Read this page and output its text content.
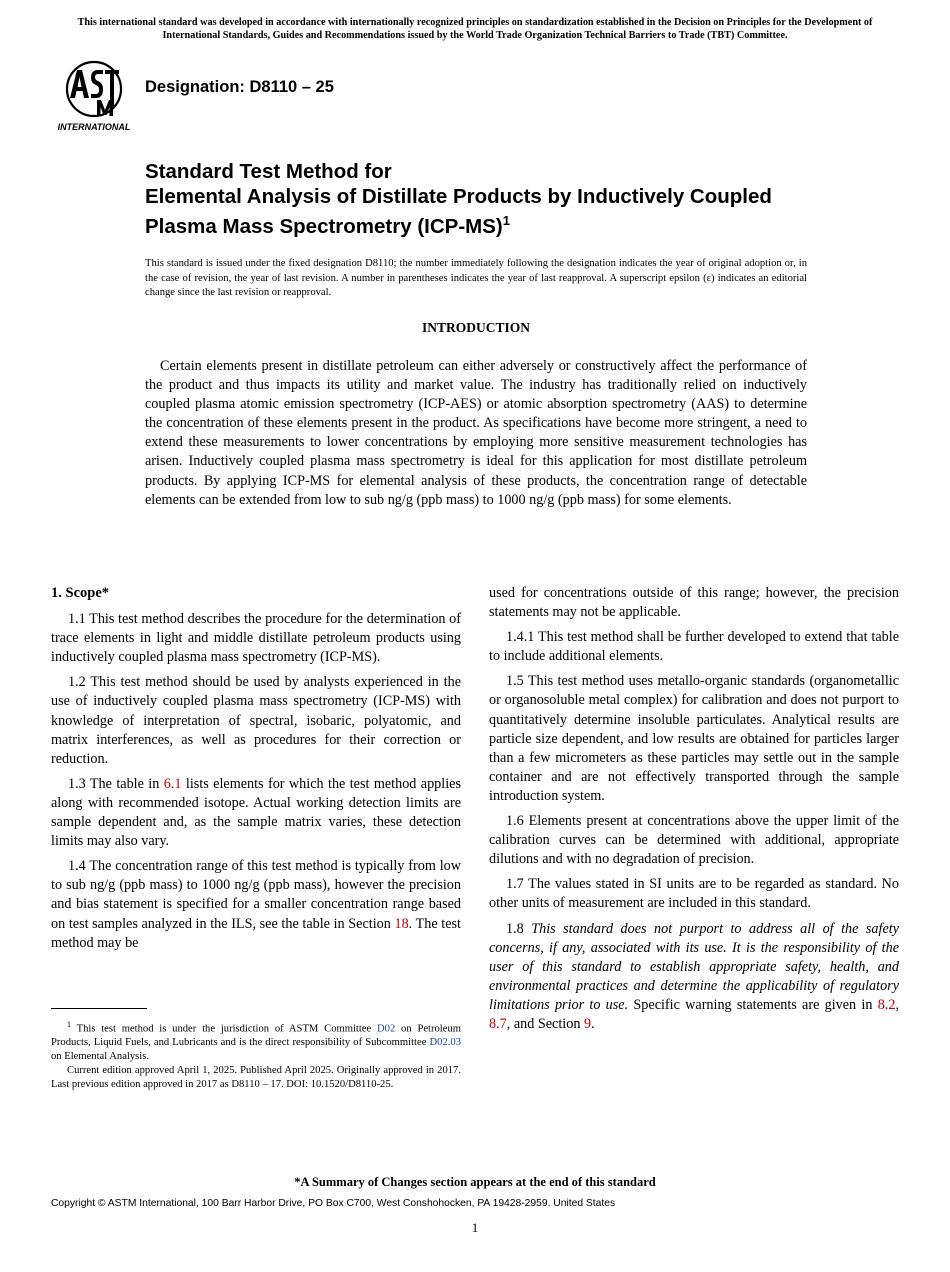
This international standard was developed in accordance with internationally recognized principles on standardization established in the Decision on Principles for the Development of International Standards, Guides and Recommendations issued by the World Trade Organization Technical Barriers to Trade (TBT) Committee.
INTERNATIONAL
Designation: D8110 – 25
Standard Test Method for
Elemental Analysis of Distillate Products by Inductively Coupled Plasma Mass Spectrometry $(ICP-MS)^1$
This standard is issued under the fixed designation D8110; the number immediately following the designation indicates the year of original adoption or, in the case of revision, the year of last revision. A number in parentheses indicates the year of last reapproval. A superscript epsilon (ε) indicates an editorial change since the last revision or reapproval.
INTRODUCTION

Certain elements present in distillate petroleum can either adversely or constructively affect the performance of the product and thus impacts its utility and market value. The industry has traditionally relied on inductively coupled plasma atomic emission spectrometry (ICP-AES) or atomic absorption spectrometry (AAS) to determine the concentration of these elements present in the product. As specifications have become more stringent, a need to extend these measurements to lower concentrations by employing more sensitive measurement technologies has arisen. Inductively coupled plasma mass spectrometry is ideal for this application for most distillate petroleum products. By applying ICP-MS for elemental analysis of these products, the concentration range of detectable elements can be extended from low to sub ng/g (ppb mass) to 1000 ng/g (ppb mass) for some elements.

1. Scope*

1.1 This test method describes the procedure for the determination of trace elements in light and middle distillate petroleum products using inductively coupled plasma mass spectrometry (ICP-MS).

1.2 This test method should be used by analysts experienced in the use of inductively coupled plasma mass spectrometry (ICP-MS) with knowledge of interpretation of spectral, isobaric, polyatomic, and matrix interferences, as well as procedures for their correction or reduction.

1.3 The table in 6.1 lists elements for which the test method applies along with recommended isotope. Actual working detection limits are sample dependent and, as the sample matrix varies, these detection limits may also vary.

1.4 The concentration range of this test method is typically from low to sub ng/g (ppb mass) to 1000 ng/g (ppb mass), however the precision and bias statement is specified for a smaller concentration range based on test samples analyzed in the ILS, see the table in Section 18. The test method may be

used for concentrations outside of this range; however, the precision statements may not be applicable.

1.4.1 This test method shall be further developed to extend that table to include additional elements.

1.5 This test method uses metallo-organic standards (organometallic or organosoluble metal complex) for calibration and does not purport to quantitatively determine insoluble particulates. Analytical results are particle size dependent, and low results are obtained for particles larger than a few micrometers as these particles may settle out in the sample container and are not effectively transported through the sample introduction system.

1.6 Elements present at concentrations above the upper limit of the calibration curves can be determined with additional, appropriate dilutions and with no degradation of precision.

1.7 The values stated in SI units are to be regarded as standard. No other units of measurement are included in this standard.

1.8 This standard does not purport to address all of the safety concerns, if any, associated with its use. It is the responsibility of the user of this standard to establish appropriate safety, health, and environmental practices and determine the applicability of regulatory limitations prior to use. Specific warning statements are given in 8.2, 8.7, and Section 9.

$^1$ This test method is under the jurisdiction of ASTM Committee D02 on Petroleum Products, Liquid Fuels, and Lubricants and is the direct responsibility of Subcommittee D02.03 on Elemental Analysis.

Current edition approved April 1, 2025. Published April 2025. Originally approved in 2017. Last previous edition approved in 2017 as D8110 – 17. DOI: 10.1520/D8110-25.

*A Summary of Changes section appears at the end of this standard
Copyright © ASTM International, 100 Barr Harbor Drive, PO Box C700, West Conshohocken, PA 19428-2959. United States
1
